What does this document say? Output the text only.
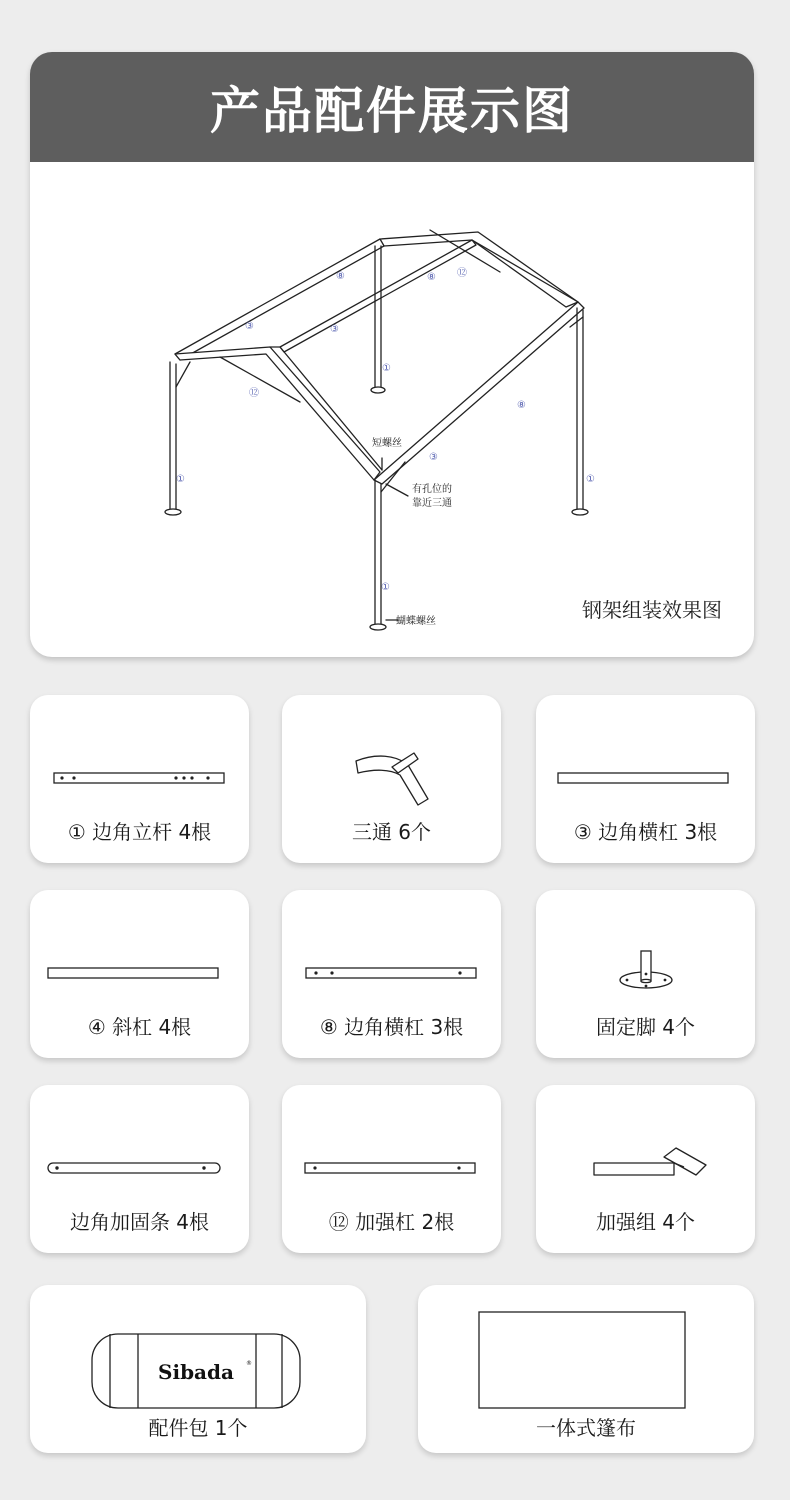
产品配件展示图
⑧	⑧ ⑫
③	③
①
⑫
⑧
③
①	①
①
短螺丝
有孔位的
靠近三通
蝴蝶螺丝	钢架组装效果图
① 边角立杆 4根	三通 6个	③ 边角横杠 3根
④ 斜杠 4根	⑧ 边角横杠 3根	固定脚 4个
边角加固条 4根	⑫ 加强杠 2根	加强组 4个
Sibada ®
配件包 1个	一体式篷布
